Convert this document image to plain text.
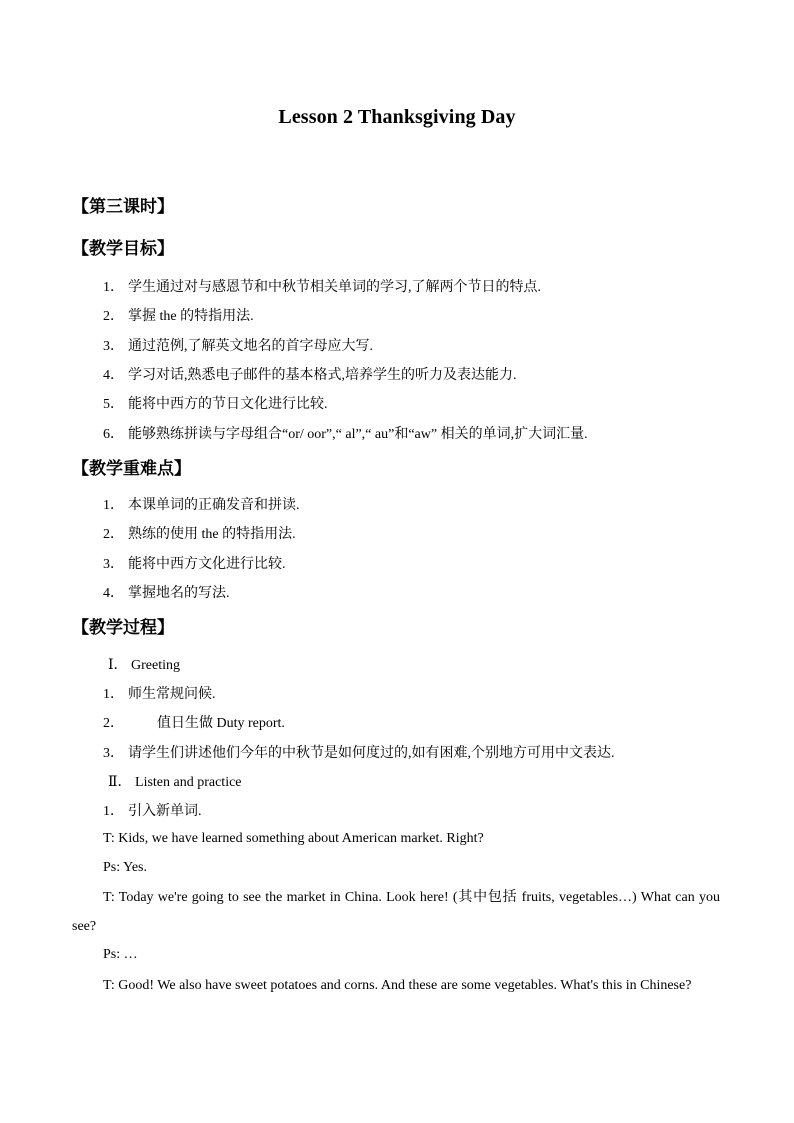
Lesson 2 Thanksgiving Day
【第三课时】
【教学目标】
1． 学生通过对与感恩节和中秋节相关单词的学习,了解两个节日的特点.
2． 掌握 the 的特指用法.
3． 通过范例,了解英文地名的首字母应大写.
4． 学习对话,熟悉电子邮件的基本格式,培养学生的听力及表达能力.
5． 能将中西方的节日文化进行比较.
6． 能够熟练拼读与字母组合“or/ oor”,“ al”,“ au”和“aw” 相关的单词,扩大词汇量.
【教学重难点】
1． 本课单词的正确发音和拼读.
2． 熟练的使用 the 的特指用法.
3． 能将中西方文化进行比较.
4． 掌握地名的写法.
【教学过程】
Ⅰ． Greeting
1． 师生常规问候.
2． 值日生做 Duty report.
3． 请学生们讲述他们今年的中秋节是如何度过的,如有困难,个别地方可用中文表达.
Ⅱ． Listen and practice
1． 引入新单词.
T: Kids, we have learned something about American market. Right?
Ps: Yes.
T: Today we're going to see the market in China. Look here! (其中包括 fruits, vegetables…) What can you see?
Ps: …
T: Good! We also have sweet potatoes and corns. And these are some vegetables. What's this in Chinese?
